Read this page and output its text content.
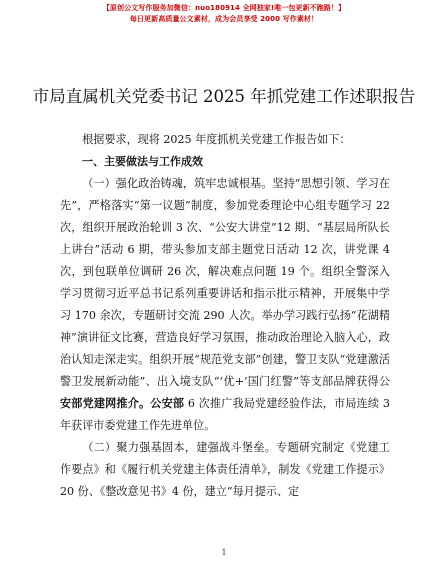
【原创公文写作服务加微信：nuo180914 全网独家!唯一包更新不跑路！】
每日更新高质量公文素材，成为会员享受 2000 写作素材！
市局直属机关党委书记 2025 年抓党建工作述职报告

根据要求，现将 2025 年度抓机关党建工作报告如下：

一、主要做法与工作成效

（一）强化政治铸魂，筑牢忠诚根基。坚持“思想引领、学习在先”，严格落实“第一议题”制度，参加党委理论中心组专题学习 22 次，组织开展政治轮训 3 次、“公安大讲堂”12 期、“基层局所队长上讲台”活动 6 期，带头参加支部主题党日活动 12 次，讲党课 4 次，到包联单位调研 26 次，解决难点问题 19 个。组织全警深入学习贯彻习近平总书记系列重要讲话和指示批示精神，开展集中学习 170 余次，专题研讨交流 290 人次。举办学习践行弘扬“花湖精神”演讲征文比赛，营造良好学习氛围，推动政治理论入脑入心，政治认知走深走实。组织开展“规范党支部”创建，警卫支队“党建激活警卫发展新动能”、出入境支队“‘优+’国门红警”等支部品牌获得公安部党建网推介。公安部 6 次推广我局党建经验作法，市局连续 3 年获评市委党建工作先进单位。

（二）聚力强基固本，建强战斗堡垒。专题研究制定《党建工作要点》和《履行机关党建主体责任清单》，制发《党建工作提示》20 份、《整改意见书》4 份，建立“每月提示、定

1
